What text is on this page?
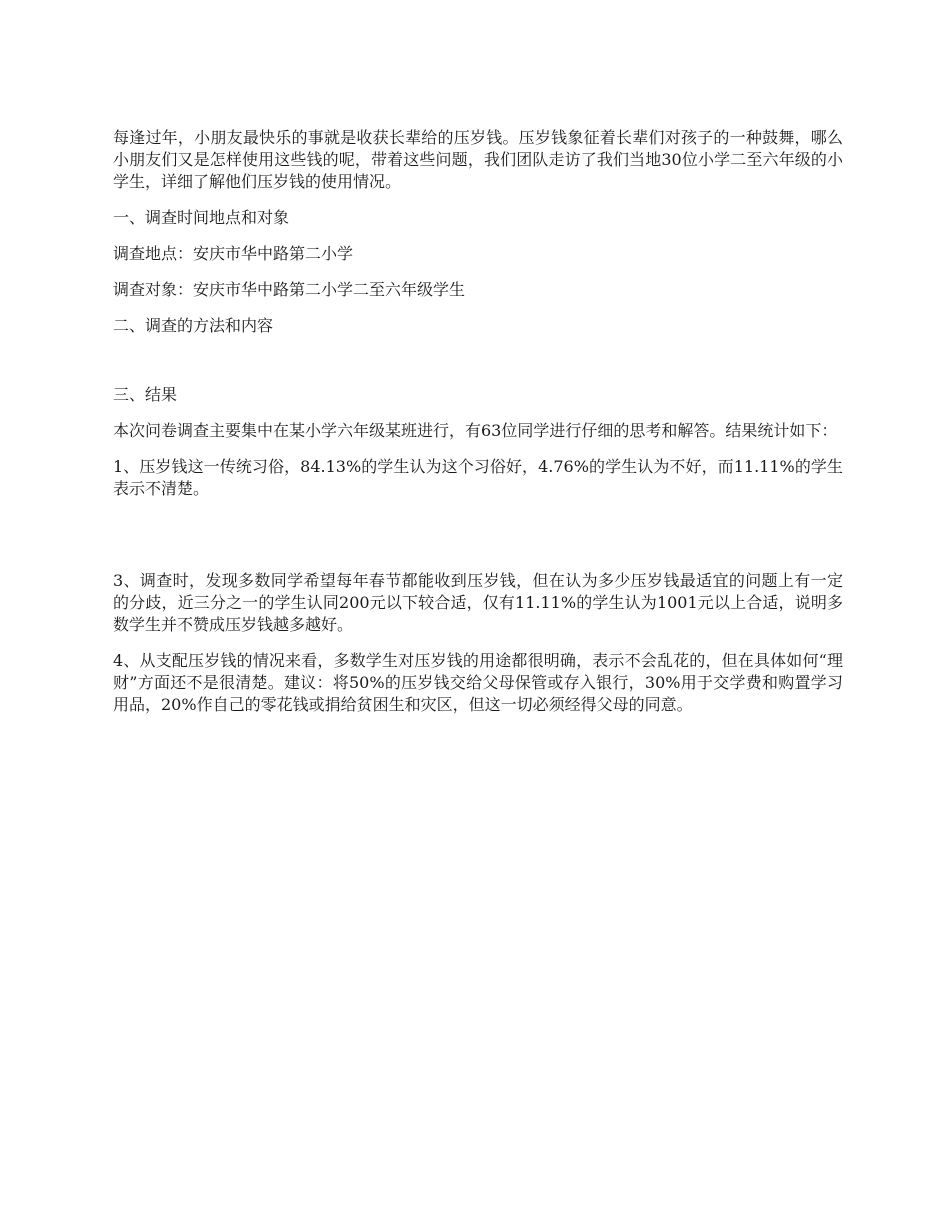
每逢过年，小朋友最快乐的事就是收获长辈给的压岁钱。压岁钱象征着长辈们对孩子的一种鼓舞，哪么小朋友们又是怎样使用这些钱的呢，带着这些问题，我们团队走访了我们当地30位小学二至六年级的小学生，详细了解他们压岁钱的使用情况。

一、调查时间地点和对象

调查地点：安庆市华中路第二小学

调查对象：安庆市华中路第二小学二至六年级学生

二、调查的方法和内容

三、结果

本次问卷调查主要集中在某小学六年级某班进行，有63位同学进行仔细的思考和解答。结果统计如下：

1、压岁钱这一传统习俗，84.13%的学生认为这个习俗好，4.76%的学生认为不好，而11.11%的学生表示不清楚。

3、调查时，发现多数同学希望每年春节都能收到压岁钱，但在认为多少压岁钱最适宜的问题上有一定的分歧，近三分之一的学生认同200元以下较合适，仅有11.11%的学生认为1001元以上合适，说明多数学生并不赞成压岁钱越多越好。

4、从支配压岁钱的情况来看，多数学生对压岁钱的用途都很明确，表示不会乱花的，但在具体如何“理财”方面还不是很清楚。建议：将50%的压岁钱交给父母保管或存入银行，30%用于交学费和购置学习用品，20%作自己的零花钱或捐给贫困生和灾区，但这一切必须经得父母的同意。
